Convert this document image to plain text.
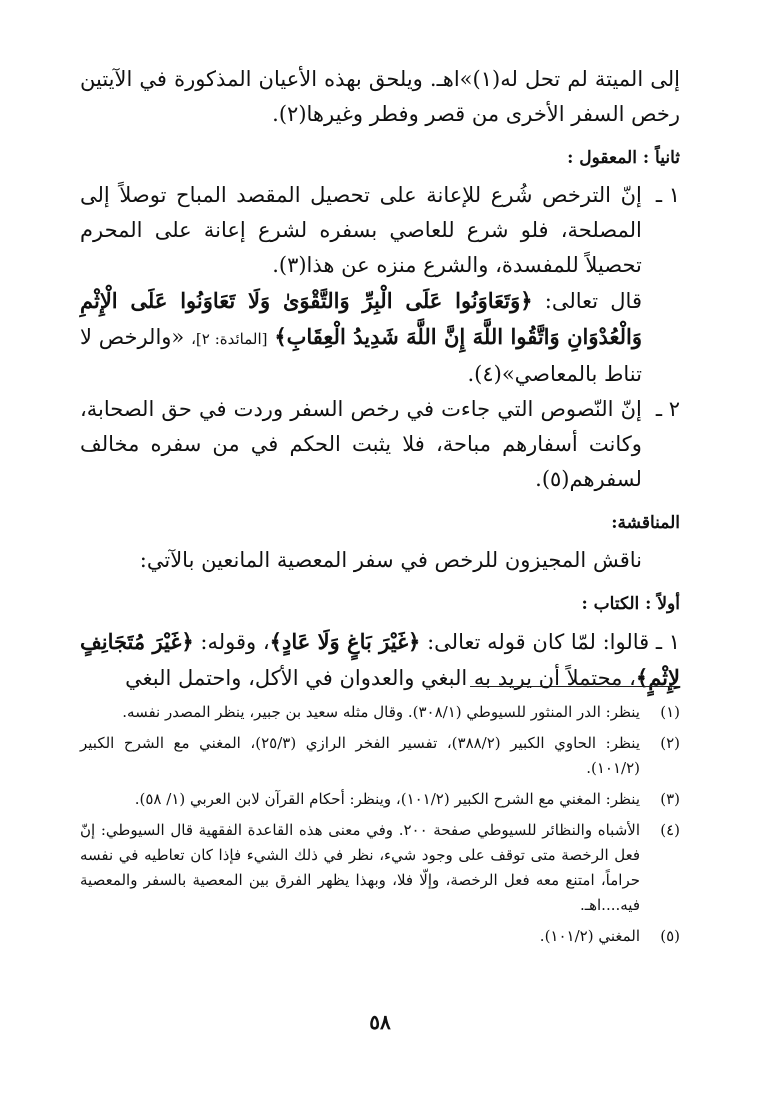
إلى الميتة لم تحل له(١)»اهـ. ويلحق بهذه الأعيان المذكورة في الآيتين رخص السفر الأخرى من قصر وفطر وغيرها(٢).

ثانياً : المعقول :

١ ـ
إنّ الترخص شُرع للإعانة على تحصيل المقصد المباح توصلاً إلى المصلحة، فلو شرع للعاصي بسفره لشرع إعانة على المحرم تحصيلاً للمفسدة، والشرع منزه عن هذا(٣).

قال تعالى: ﴿وَتَعَاوَنُوا عَلَى الْبِرِّ وَالتَّقْوَىٰ وَلَا تَعَاوَنُوا عَلَى الْإِثْمِ وَالْعُدْوَانِ وَاتَّقُوا اللَّهَ إِنَّ اللَّهَ شَدِيدُ الْعِقَابِ﴾ [المائدة: ٢]، «والرخص لا تناط بالمعاصي»(٤).

٢ ـ
إنّ النّصوص التي جاءت في رخص السفر وردت في حق الصحابة، وكانت أسفارهم مباحة، فلا يثبت الحكم في من سفره مخالف لسفرهم(٥).

المناقشة:

ناقش المجيزون للرخص في سفر المعصية المانعين بالآتي:

أولاً : الكتاب :

١ ـ قالوا: لمّا كان قوله تعالى: ﴿غَيْرَ بَاغٍ وَلَا عَادٍ﴾، وقوله: ﴿غَيْرَ مُتَجَانِفٍ لِإِثْمٍ﴾، محتملاً أن يريد به البغي والعدوان في الأكل، واحتمل البغي

(١)
ينظر: الدر المنثور للسيوطي (٣٠٨/١). وقال مثله سعيد بن جبير، ينظر المصدر نفسه.
(٢)
ينظر: الحاوي الكبير (٣٨٨/٢)، تفسير الفخر الرازي (٢٥/٣)، المغني مع الشرح الكبير (١٠١/٢).
(٣)
ينظر: المغني مع الشرح الكبير (١٠١/٢)، وينظر: أحكام القرآن لابن العربي (١/ ٥٨).
(٤)
الأشباه والنظائر للسيوطي صفحة ٢٠٠. وفي معنى هذه القاعدة الفقهية قال السيوطي: إنّ فعل الرخصة متى توقف على وجود شيء، نظر في ذلك الشيء فإذا كان تعاطيه في نفسه حراماً، امتنع معه فعل الرخصة، وإلّا فلا، وبهذا يظهر الفرق بين المعصية بالسفر والمعصية فيه....اهـ.
(٥)
المغني (١٠١/٢).
٥٨
